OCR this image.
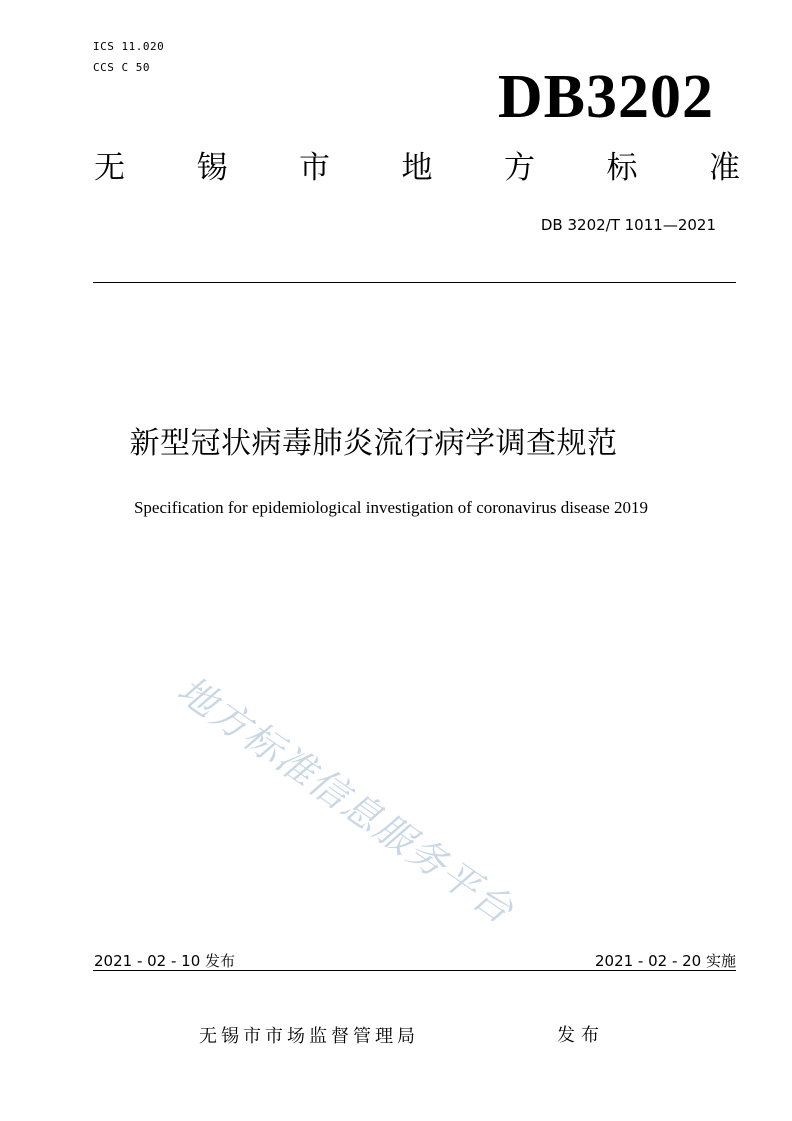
ICS 11.020
CCS C 50	DB3202
无 锡 市 地 方 标 准
DB 3202/T 1011—2021
新型冠状病毒肺炎流行病学调查规范
Specification for epidemiological investigation of coronavirus disease 2019
地方标准信息服务平台
2021 - 02 - 10 发布	2021 - 02 - 20 实施
无锡市市场监督管理局	发布
